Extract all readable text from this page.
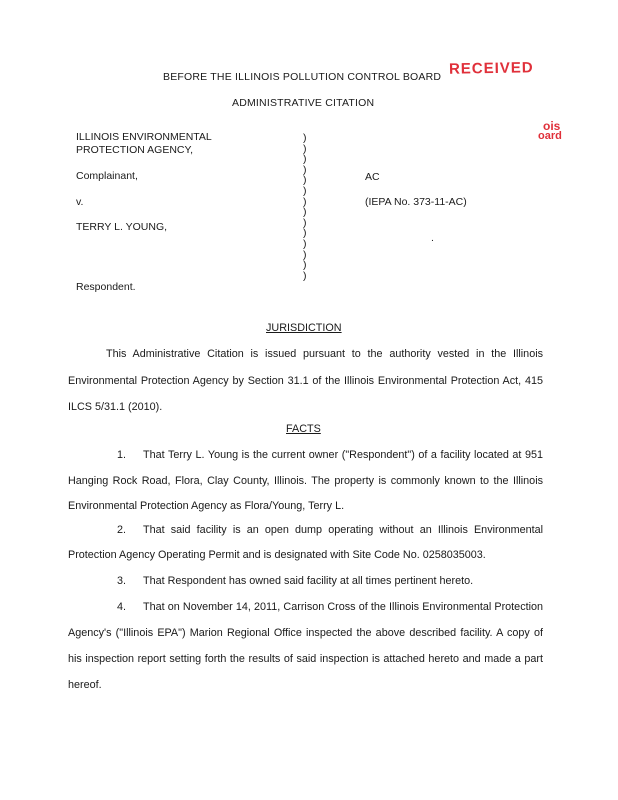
RECEIVED
ois
oard
BEFORE THE ILLINOIS POLLUTION CONTROL BOARD
ADMINISTRATIVE CITATION
ILLINOIS ENVIRONMENTAL
PROTECTION AGENCY,
Complainant,
v.
TERRY L. YOUNG,
Respondent.
)
)
)
)
)
)
)
)
)
)
)
)
)
)
AC
(IEPA No. 373-11-AC)
.
JURISDICTION
This Administrative Citation is issued pursuant to the authority vested in the Illinois
Environmental Protection Agency by Section 31.1 of the Illinois Environmental Protection Act, 415
ILCS 5/31.1 (2010).
FACTS
1. That Terry L. Young is the current owner ("Respondent") of a facility located at 951
Hanging Rock Road, Flora, Clay County, Illinois. The property is commonly known to the Illinois
Environmental Protection Agency as Flora/Young, Terry L.
2. That said facility is an open dump operating without an Illinois Environmental
Protection Agency Operating Permit and is designated with Site Code No. 0258035003.
3. That Respondent has owned said facility at all times pertinent hereto.
4. That on November 14, 2011, Carrison Cross of the Illinois Environmental Protection
Agency's ("Illinois EPA") Marion Regional Office inspected the above described facility. A copy of
his inspection report setting forth the results of said inspection is attached hereto and made a part
hereof.
